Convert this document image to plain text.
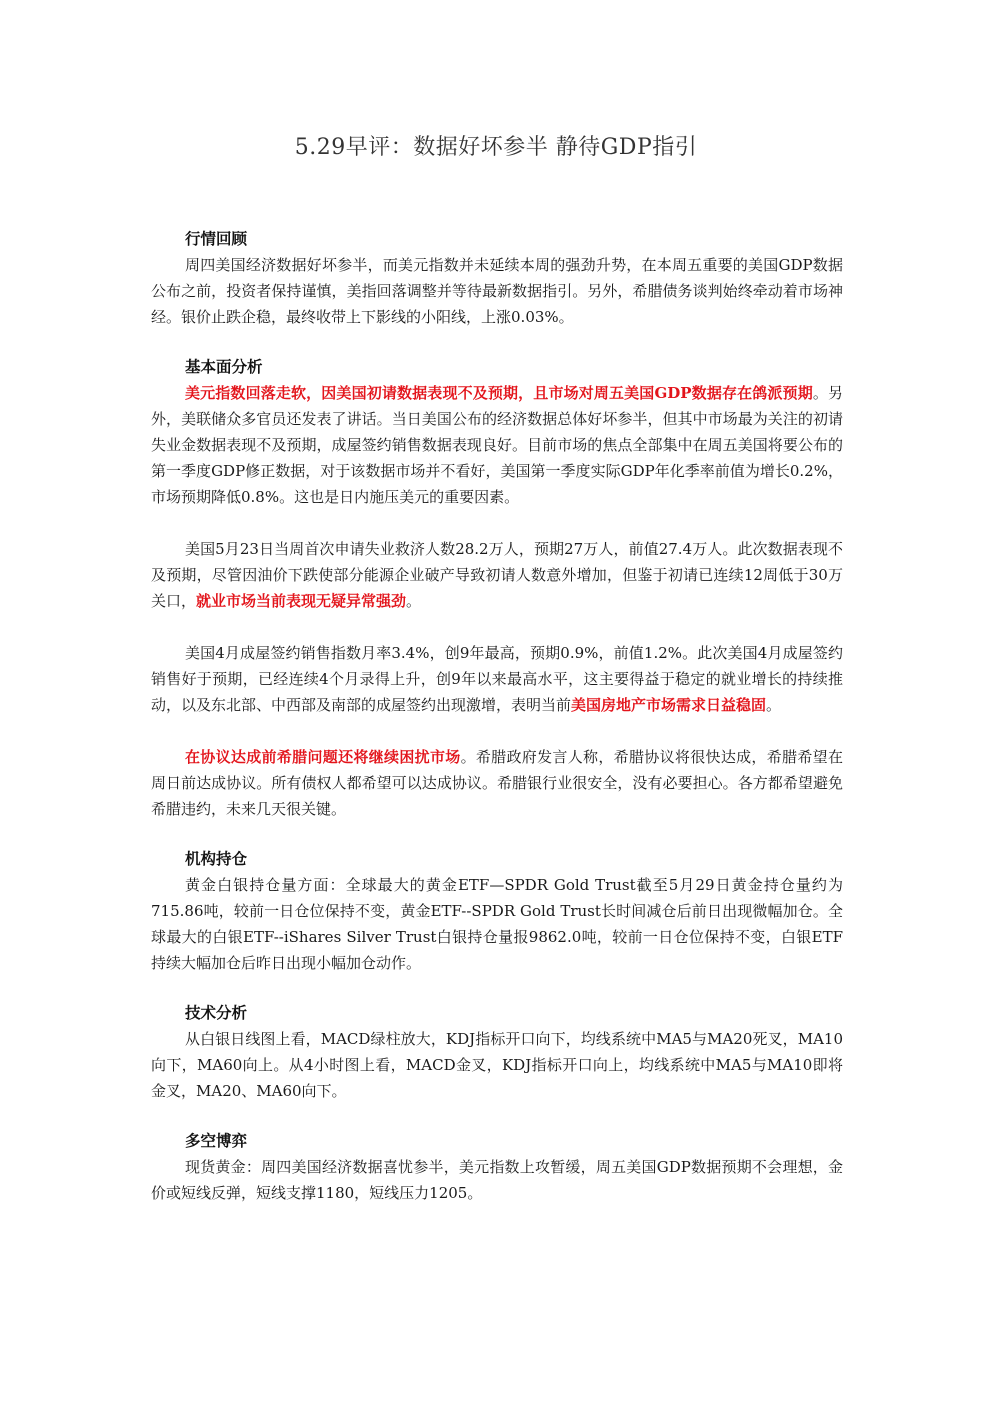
5.29早评：数据好坏参半 静待GDP指引
行情回顾

周四美国经济数据好坏参半，而美元指数并未延续本周的强劲升势，在本周五重要的美国GDP数据公布之前，投资者保持谨慎，美指回落调整并等待最新数据指引。另外，希腊债务谈判始终牵动着市场神经。银价止跌企稳，最终收带上下影线的小阳线，上涨0.03%。

基本面分析

美元指数回落走软，因美国初请数据表现不及预期，且市场对周五美国GDP数据存在鸽派预期。另外，美联储众多官员还发表了讲话。当日美国公布的经济数据总体好坏参半，但其中市场最为关注的初请失业金数据表现不及预期，成屋签约销售数据表现良好。目前市场的焦点全部集中在周五美国将要公布的第一季度GDP修正数据，对于该数据市场并不看好，美国第一季度实际GDP年化季率前值为增长0.2%，市场预期降低0.8%。这也是日内施压美元的重要因素。

美国5月23日当周首次申请失业救济人数28.2万人，预期27万人，前值27.4万人。此次数据表现不及预期，尽管因油价下跌使部分能源企业破产导致初请人数意外增加，但鉴于初请已连续12周低于30万关口，就业市场当前表现无疑异常强劲。

美国4月成屋签约销售指数月率3.4%，创9年最高，预期0.9%，前值1.2%。此次美国4月成屋签约销售好于预期，已经连续4个月录得上升，创9年以来最高水平，这主要得益于稳定的就业增长的持续推动，以及东北部、中西部及南部的成屋签约出现激增，表明当前美国房地产市场需求日益稳固。

在协议达成前希腊问题还将继续困扰市场。希腊政府发言人称，希腊协议将很快达成，希腊希望在周日前达成协议。所有债权人都希望可以达成协议。希腊银行业很安全，没有必要担心。各方都希望避免希腊违约，未来几天很关键。

机构持仓

黄金白银持仓量方面：全球最大的黄金ETF—SPDR Gold Trust截至5月29日黄金持仓量约为715.86吨，较前一日仓位保持不变，黄金ETF--SPDR Gold Trust长时间减仓后前日出现微幅加仓。全球最大的白银ETF--iShares Silver Trust白银持仓量报9862.0吨，较前一日仓位保持不变，白银ETF持续大幅加仓后昨日出现小幅加仓动作。

技术分析

从白银日线图上看，MACD绿柱放大，KDJ指标开口向下，均线系统中MA5与MA20死叉，MA10向下，MA60向上。从4小时图上看，MACD金叉，KDJ指标开口向上，均线系统中MA5与MA10即将金叉，MA20、MA60向下。

多空博弈

现货黄金：周四美国经济数据喜忧参半，美元指数上攻暂缓，周五美国GDP数据预期不会理想，金价或短线反弹，短线支撑1180，短线压力1205。
